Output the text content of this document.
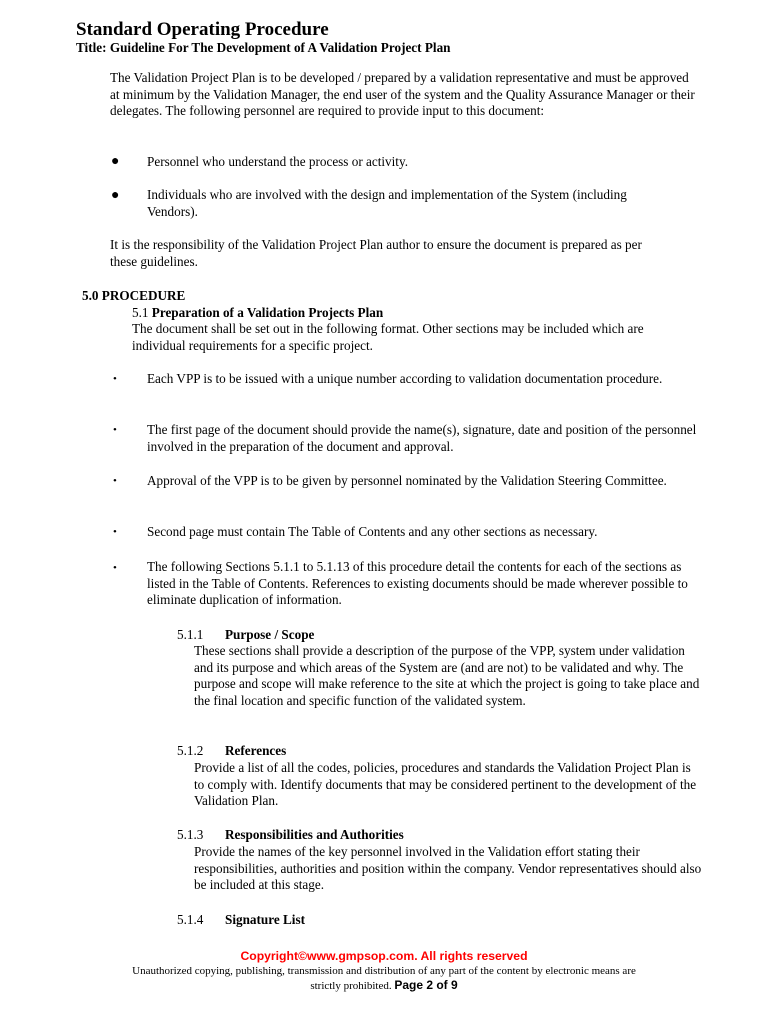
Standard Operating Procedure
Title: Guideline For The Development of A Validation Project Plan
The Validation Project Plan is to be developed / prepared by a validation representative and must be approved at minimum by the Validation Manager, the end user of the system and the Quality Assurance Manager or their delegates. The following personnel are required to provide input to this document:
● Personnel who understand the process or activity.
● Individuals who are involved with the design and implementation of the System (including Vendors).
It is the responsibility of the Validation Project Plan author to ensure the document is prepared as per these guidelines.
5.0 PROCEDURE
5.1 Preparation of a Validation Projects Plan
The document shall be set out in the following format. Other sections may be included which are individual requirements for a specific project.
• Each VPP is to be issued with a unique number according to validation documentation procedure.
• The first page of the document should provide the name(s), signature, date and position of the personnel involved in the preparation of the document and approval.
• Approval of the VPP is to be given by personnel nominated by the Validation Steering Committee.
• Second page must contain The Table of Contents and any other sections as necessary.
• The following Sections 5.1.1 to 5.1.13 of this procedure detail the contents for each of the sections as listed in the Table of Contents. References to existing documents should be made wherever possible to eliminate duplication of information.
5.1.1 Purpose / Scope
These sections shall provide a description of the purpose of the VPP, system under validation and its purpose and which areas of the System are (and are not) to be validated and why. The purpose and scope will make reference to the site at which the project is going to take place and the final location and specific function of the validated system.
5.1.2 References
Provide a list of all the codes, policies, procedures and standards the Validation Project Plan is to comply with. Identify documents that may be considered pertinent to the development of the Validation Plan.
5.1.3 Responsibilities and Authorities
Provide the names of the key personnel involved in the Validation effort stating their responsibilities, authorities and position within the company. Vendor representatives should also be included at this stage.
5.1.4 Signature List
Copyright©www.gmpsop.com. All rights reserved
Unauthorized copying, publishing, transmission and distribution of any part of the content by electronic means are
strictly prohibited. Page 2 of 9
